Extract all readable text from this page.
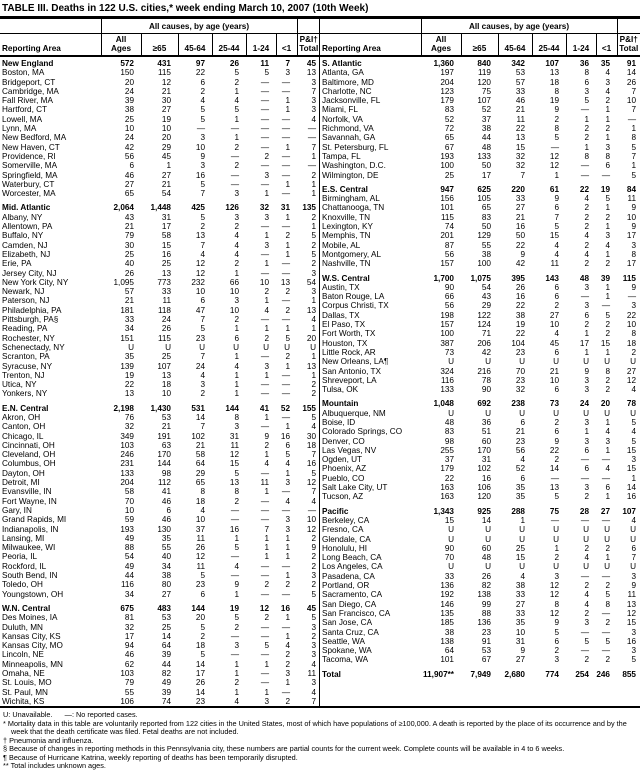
TABLE III. Deaths in 122 U.S. cities,* week ending March 10, 2007 (10th Week)
	All causes, by age (years)						
Reporting Area	All
Ages	≥65	45-64	25-44	1-24	<1	P&I†
Total
New England	572	431	97	26	11	7	45
Boston, MA	150	115	22	5	5	3	13
Bridgeport, CT	20	12	6	2	—	—	3
Cambridge, MA	24	21	2	1	—	—	7
Fall River, MA	39	30	4	4	—	1	3
Hartford, CT	38	27	5	5	—	1	3
Lowell, MA	25	19	5	1	—	—	4
Lynn, MA	10	10	—	—	—	—	—
New Bedford, MA	24	20	3	1	—	—	—
New Haven, CT	42	29	10	2	—	1	7
Providence, RI	56	45	9	—	2	—	1
Somerville, MA	6	1	3	2	—	—	—
Springfield, MA	46	27	16	—	3	—	2
Waterbury, CT	27	21	5	—	—	1	1
Worcester, MA	65	54	7	3	1	—	1

Mid. Atlantic	2,064	1,448	425	126	32	31	135
Albany, NY	43	31	5	3	3	1	2
Allentown, PA	21	17	2	2	—	—	1
Buffalo, NY	79	58	13	4	1	2	5
Camden, NJ	30	15	7	4	3	1	2
Elizabeth, NJ	25	16	4	4	—	1	5
Erie, PA	40	25	12	2	1	—	2
Jersey City, NJ	26	13	12	1	—	—	3
New York City, NY	1,095	773	232	66	10	13	54
Newark, NJ	57	33	10	10	2	2	3
Paterson, NJ	21	11	6	3	1	—	1
Philadelphia, PA	181	118	47	10	4	2	13
Pittsburgh, PA§	33	24	7	2	—	—	4
Reading, PA	34	26	5	1	1	1	1
Rochester, NY	151	115	23	6	2	5	20
Schenectady, NY	U	U	U	U	U	U	U
Scranton, PA	35	25	7	1	—	2	1
Syracuse, NY	139	107	24	4	3	1	13
Trenton, NJ	19	13	4	1	1	—	1
Utica, NY	22	18	3	1	—	—	2
Yonkers, NY	13	10	2	1	—	—	2

E.N. Central	2,198	1,430	531	144	41	52	155
Akron, OH	76	53	14	8	1	—	5
Canton, OH	32	21	7	3	—	1	4
Chicago, IL	349	191	102	31	9	16	30
Cincinnati, OH	103	63	21	11	2	6	18
Cleveland, OH	246	170	58	12	1	5	7
Columbus, OH	231	144	64	15	4	4	16
Dayton, OH	133	98	29	5	—	1	5
Detroit, MI	204	112	65	13	11	3	12
Evansville, IN	58	41	8	8	1	—	7
Fort Wayne, IN	70	46	18	2	—	4	4
Gary, IN	10	6	4	—	—	—	—
Grand Rapids, MI	59	46	10	—	—	3	10
Indianapolis, IN	193	130	37	16	7	3	12
Lansing, MI	49	35	11	1	1	1	2
Milwaukee, WI	88	55	26	5	1	1	9
Peoria, IL	54	40	12	—	1	1	2
Rockford, IL	49	34	11	4	—	—	2
South Bend, IN	44	38	5	—	—	1	3
Toledo, OH	116	80	23	9	2	2	2
Youngstown, OH	34	27	6	1	—	—	5

W.N. Central	675	483	144	19	12	16	45
Des Moines, IA	81	53	20	5	2	1	5
Duluth, MN	32	25	5	2	—	—	3
Kansas City, KS	17	14	2	—	—	1	2
Kansas City, MO	94	64	18	3	5	4	3
Lincoln, NE	46	39	5	—	—	2	3
Minneapolis, MN	62	44	14	1	1	2	4
Omaha, NE	103	82	17	1	—	3	11
St. Louis, MO	79	49	26	2	—	1	3
St. Paul, MN	55	39	14	1	1	—	4
Wichita, KS	106	74	23	4	3	2	7
	All causes, by age (years)						
Reporting Area	All
Ages	≥65	45-64	25-44	1-24	<1	P&I†
Total
S. Atlantic	1,360	840	342	107	36	35	91
Atlanta, GA	197	119	53	13	8	4	14
Baltimore, MD	204	120	57	18	6	3	26
Charlotte, NC	123	75	33	8	3	4	7
Jacksonville, FL	179	107	46	19	5	2	10
Miami, FL	83	52	21	9	—	1	7
Norfolk, VA	52	37	11	2	1	1	—
Richmond, VA	72	38	22	8	2	2	1
Savannah, GA	65	44	13	5	2	1	8
St. Petersburg, FL	67	48	15	—	1	3	5
Tampa, FL	193	133	32	12	8	8	7
Washington, D.C.	100	50	32	12	—	6	1
Wilmington, DE	25	17	7	1	—	—	5

E.S. Central	947	625	220	61	22	19	84
Birmingham, AL	156	105	33	9	4	5	11
Chattanooga, TN	101	65	27	6	2	1	9
Knoxville, TN	115	83	21	7	2	2	10
Lexington, KY	74	50	16	5	2	1	9
Memphis, TN	201	129	50	15	4	3	17
Mobile, AL	87	55	22	4	2	4	3
Montgomery, AL	56	38	9	4	4	1	8
Nashville, TN	157	100	42	11	2	2	17

W.S. Central	1,700	1,075	395	143	48	39	115
Austin, TX	90	54	26	6	3	1	9
Baton Rouge, LA	66	43	16	6	—	1	—
Corpus Christi, TX	56	29	22	2	3	—	3
Dallas, TX	198	122	38	27	6	5	22
El Paso, TX	157	124	19	10	2	2	10
Fort Worth, TX	100	71	22	4	1	2	8
Houston, TX	387	206	104	45	17	15	18
Little Rock, AR	73	42	23	6	1	1	2
New Orleans, LA¶	U	U	U	U	U	U	U
San Antonio, TX	324	216	70	21	9	8	27
Shreveport, LA	116	78	23	10	3	2	12
Tulsa, OK	133	90	32	6	3	2	4

Mountain	1,048	692	238	73	24	20	78
Albuquerque, NM	U	U	U	U	U	U	U
Boise, ID	48	36	6	2	3	1	5
Colorado Springs, CO	83	51	21	6	1	4	4
Denver, CO	98	60	23	9	3	3	5
Las Vegas, NV	255	170	56	22	6	1	15
Ogden, UT	37	31	4	2	—	—	3
Phoenix, AZ	179	102	52	14	6	4	15
Pueblo, CO	22	16	6	—	—	—	1
Salt Lake City, UT	163	106	35	13	3	6	14
Tucson, AZ	163	120	35	5	2	1	16

Pacific	1,343	925	288	75	28	27	107
Berkeley, CA	15	14	1	—	—	—	4
Fresno, CA	U	U	U	U	U	U	U
Glendale, CA	U	U	U	U	U	U	U
Honolulu, HI	90	60	25	1	2	2	6
Long Beach, CA	70	48	15	2	4	1	7
Los Angeles, CA	U	U	U	U	U	U	U
Pasadena, CA	33	26	4	3	—	—	3
Portland, OR	136	82	38	12	2	2	9
Sacramento, CA	192	138	33	12	4	5	11
San Diego, CA	146	99	27	8	4	8	13
San Francisco, CA	135	88	33	12	2	—	12
San Jose, CA	185	136	35	9	3	2	15
Santa Cruz, CA	38	23	10	5	—	—	3
Seattle, WA	138	91	31	6	5	5	16
Spokane, WA	64	53	9	2	—	—	3
Tacoma, WA	101	67	27	3	2	2	5

Total	11,907**	7,949	2,680	774	254	246	855
U: Unavailable.      —: No reported cases.
* Mortality data in this table are voluntarily reported from 122 cities in the United States, most of which have populations of ≥100,000. A death is reported by the place of its occurrence and by the week that the death certificate was filed. Fetal deaths are not included.
† Pneumonia and influenza.
§ Because of changes in reporting methods in this Pennsylvania city, these numbers are partial counts for the current week. Complete counts will be available in 4 to 6 weeks.
¶ Because of Hurricane Katrina, weekly reporting of deaths has been temporarily disrupted.
** Total includes unknown ages.
